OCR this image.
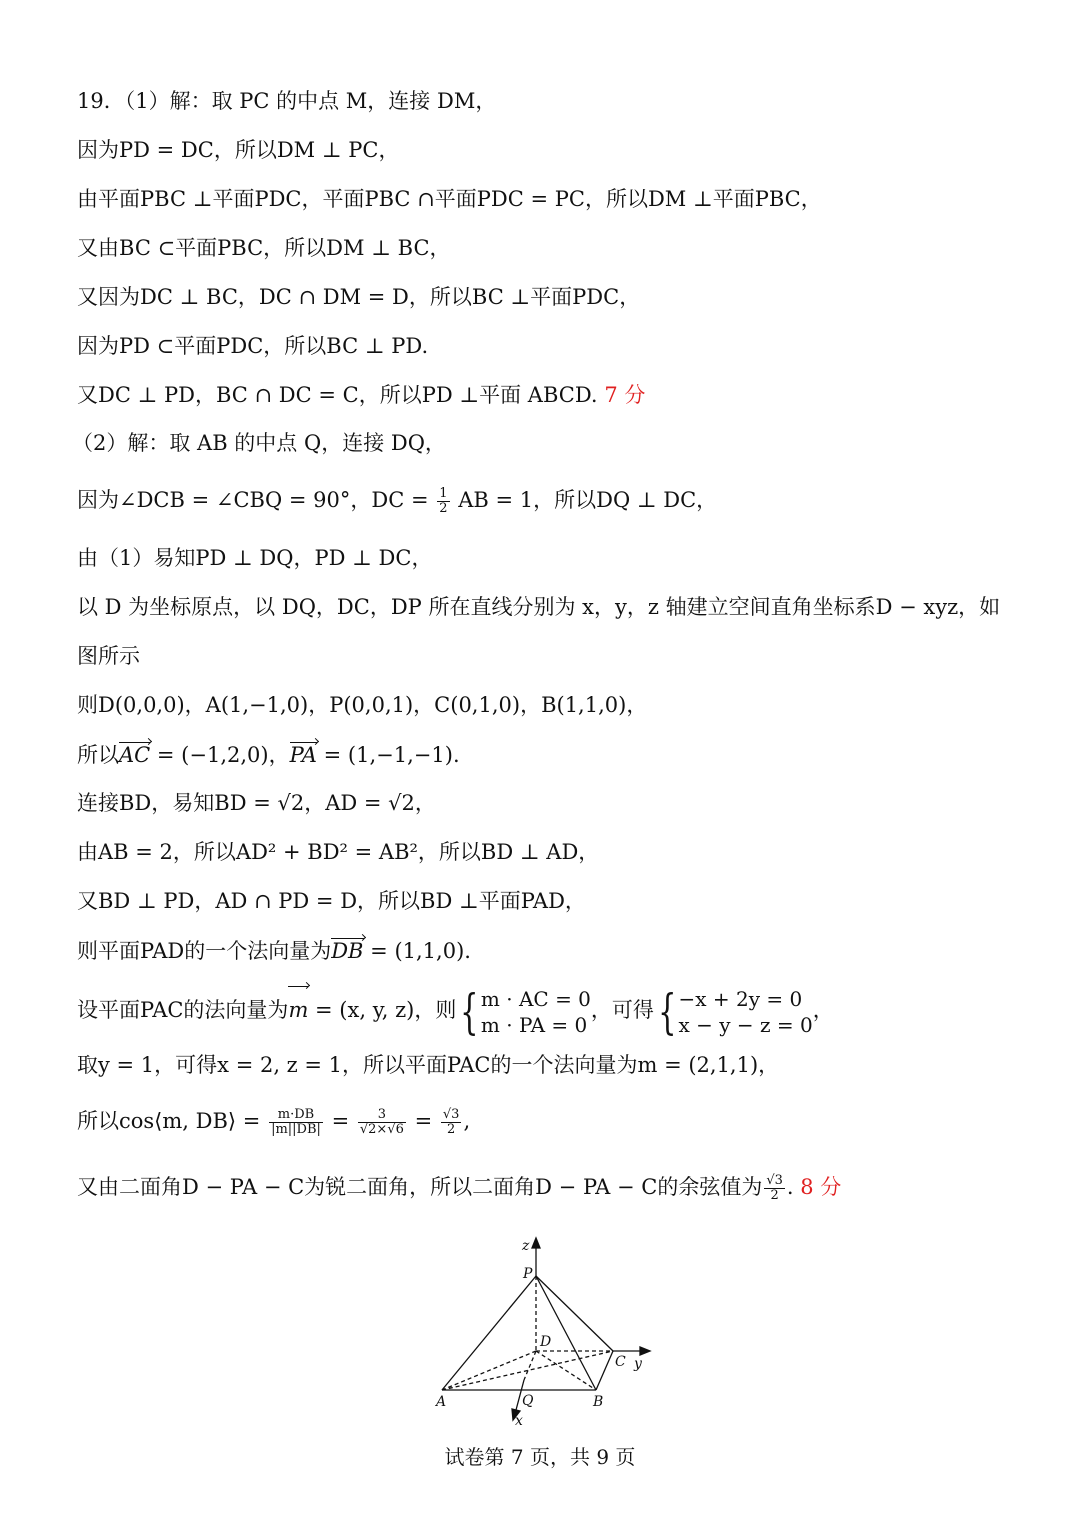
19．（1）解：取 PC 的中点 M，连接 DM，
因为PD = DC，所以DM ⊥ PC，
由平面PBC ⊥平面PDC，平面PBC ∩平面PDC = PC，所以DM ⊥平面PBC，
又由BC ⊂平面PBC，所以DM ⊥ BC，
又因为DC ⊥ BC，DC ∩ DM = D，所以BC ⊥平面PDC，
因为PD ⊂平面PDC，所以BC ⊥ PD.
又DC ⊥ PD，BC ∩ DC = C，所以PD ⊥平面 ABCD. 7 分
（2）解：取 AB 的中点 Q，连接 DQ，
因为∠DCB = ∠CBQ = 90°，DC = $\frac{1}{2}$ AB = 1，所以DQ ⊥ DC，
由（1）易知PD ⊥ DQ，PD ⊥ DC，
以 D 为坐标原点，以 DQ，DC，DP 所在直线分别为 x，y，z 轴建立空间直角坐标系D − xyz，如
图所示
则D(0,0,0)，A(1,−1,0)，P(0,0,1)，C(0,1,0)，B(1,1,0)，
所以AC = (−1,2,0)，PA = (1,−1,−1).
连接BD，易知BD = √2，AD = √2，
由AB = 2，所以AD² + BD² = AB²，所以BD ⊥ AD，
又BD ⊥ PD，AD ∩ PD = D，所以BD ⊥平面PAD，
则平面PAD的一个法向量为DB = (1,1,0).
设平面PAC的法向量为m = (x, y, z)，则{ m · AC = 0
m · PA = 0
，可得{ −x + 2y = 0
x − y − z = 0
，
取y = 1，可得x = 2, z = 1，所以平面PAC的一个法向量为m = (2,1,1)，
所以cos⟨m, DB⟩ = $\frac{m\cdot DB}{|m||DB|} = \frac{3}{√2\times√6} = \frac{√3}{2}$ ,
又由二面角D − PA − C为锐二面角，所以二面角D − PA − C的余弦值为 $\frac{√3}{2}$ . 8 分
z
P
D
C y
A	Q	B
x
试卷第 7 页，共 9 页
